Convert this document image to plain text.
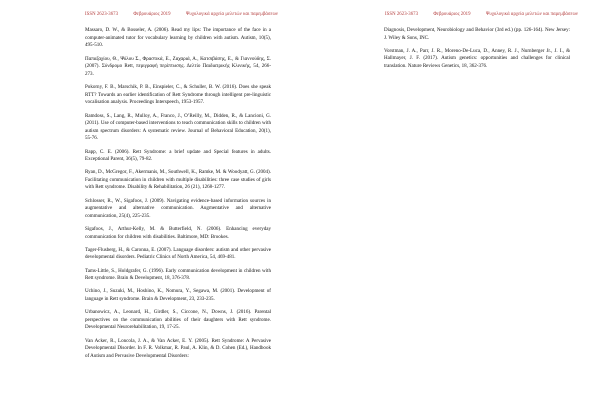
ISSN 2623-3673	Φεβρουάριος 2019	Ψυχολογικά αρχεία μελετών και παρεμβάσεων

Massaro, D. W., & Bosseler, A. (2006). Read my lips: The importance of the face in a computer-animated tutor for vocabulary learning by children with autism. Autism, 10(5), 495-510.

Παπαζαχίου, Θ., Ψόλου Σ., Φραστικά, Ε., Ζαχαριά, Α., Κατσιβάσης, Ε., & Γιαννούδης, Σ. (2007). Σύνδρομο Rett, περιγραφή περίπτωσης. Δελτίο Παιδιατρικής Κλινικής, 54, 266-273.

Pokorny, F. B., Marschik, P. B., Einspieler, C., & Schuller, B. W. (2016). Does she speak RTT? Towards an earlier identification of Rett Syndrome through intelligent pre-linguistic vocalisation analysis. Proceedings Interspeech, 1953-1957.

Ramdoss, S., Lang, R., Mulloy, A., Franco, J., O’Reilly, M., Didden, R., & Lancioni, G. (2011). Use of computer-based interventions to teach communication skills to children with autism spectrum disorders: A systematic review. Journal of Behavioral Education, 20(1), 55-76.

Rapp, C. E. (2006). Rett Syndrome: a brief update and Special features in adults. Exceptional Parent, 36(5), 79-82.

Ryan, D., McGregor, F., Akermanis, M., Southwell, K., Ramke, M. & Woodyatt, G. (2004). Facilitating communication in children with multiple disabilities: three case studies of girls with Rett syndrome. Disability & Rehabilitation, 26 (21), 1268-1277.

Schlosser, R., W., Sigafoos, J. (2009). Navigating evidence-based information sources in augmentative and alternative communication. Augmentative and alternative communication, 25(4), 225-235.

Sigafoos, J., Arthur-Kelly, M. & Butterfield, N. (2006). Enhancing everyday communication for children with disabilities. Baltimore, MD: Brookes.

Tager-Flusberg, H., & Caronna, E. (2007). Language disorders: autism and other pervasive developmental disorders. Pediatric Clinics of North America, 54, 469-481.

Tams-Little, S., Holdgrafer, G. (1996). Early communication development in children with Rett syndrome. Brain & Development, 18, 376-378.

Uchino, J., Suzuki, M., Hoshino, K., Nomura, Y., Segawa, M. (2001). Development of language in Rett syndrome. Brain & Development, 23, 233-235.

Urbanowicz, A., Leonard, H., Girdler, S., Ciccone, N., Downs, J. (2016). Parental perspectives on the communication abilities of their daughters with Rett syndrome. Developmental Neurorehabilitation, 19, 17-25.

Van Acker, R., Loncola, J. A., & Van Acker, E. Y. (2005). Rett Syndrome: A Pervasive Developmental Disorder. In F. R. Volkmar, R. Paul, A. Klin, & D. Cohen (Ed.), Handbook of Autism and Pervasive Developmental Disorders:

ISSN 2623-3673	Φεβρουάριος 2019	Ψυχολογικά αρχεία μελετών και παρεμβάσεων

Diagnosis, Development, Neurobiology and Behavior (3rd ed.) (pp. 126-164). New Jersey: J. Wiley & Sons, INC.

Vorstman, J. A., Parr, J. R., Moreno-De-Luca, D., Anney, R. J., Nurnberger Jr., J. I., & Hallmayer, J. F. (2017). Autism genetics: opportunities and challenges for clinical translation. Nature Reviews Genetics, 18, 362-376.
